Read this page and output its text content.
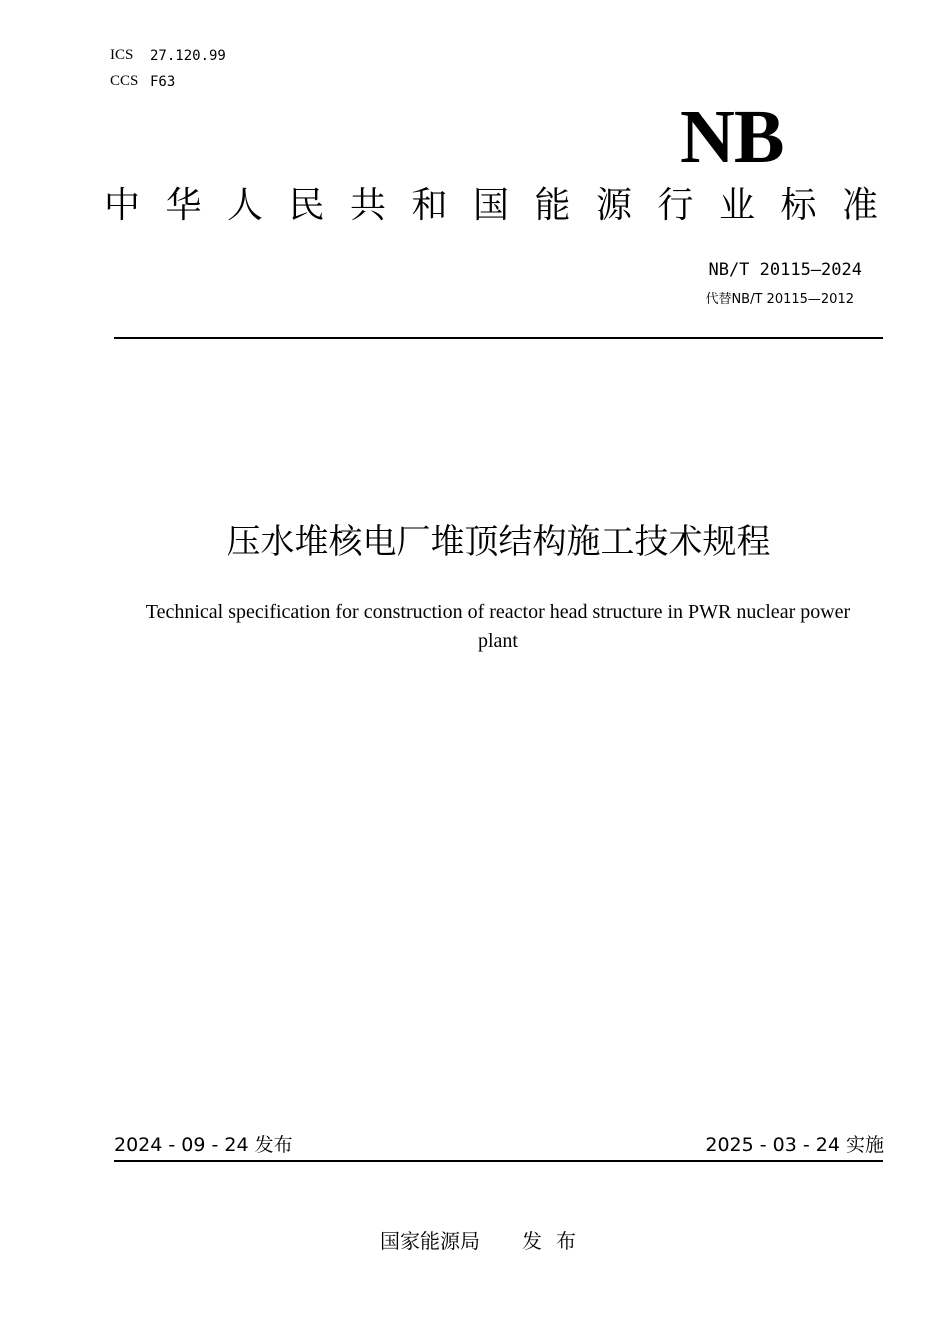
ICS 27.120.99
CCS F63
NB
中华人民共和国能源行业标准
NB/T 20115—2024
代替NB/T 20115—2012
压水堆核电厂堆顶结构施工技术规程
Technical specification for construction of reactor head structure in PWR nuclear power plant
2024 - 09 - 24 发布	2025 - 03 - 24 实施
国家能源局 发布
